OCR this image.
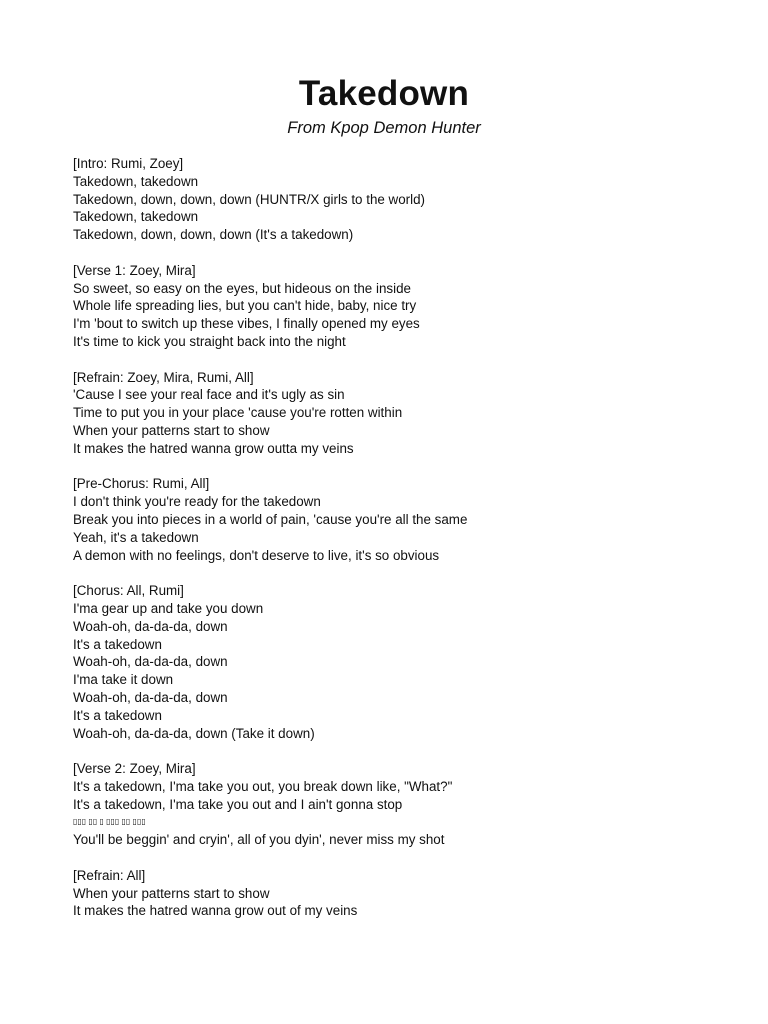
Takedown
From Kpop Demon Hunter
[Intro: Rumi, Zoey]
Takedown, takedown
Takedown, down, down, down (HUNTR/X girls to the world)
Takedown, takedown
Takedown, down, down, down (It's a takedown)
[Verse 1: Zoey, Mira]
So sweet, so easy on the eyes, but hideous on the inside
Whole life spreading lies, but you can't hide, baby, nice try
I'm 'bout to switch up these vibes, I finally opened my eyes
It's time to kick you straight back into the night
[Refrain: Zoey, Mira, Rumi, All]
'Cause I see your real face and it's ugly as sin
Time to put you in your place 'cause you're rotten within
When your patterns start to show
It makes the hatred wanna grow outta my veins
[Pre-Chorus: Rumi, All]
I don't think you're ready for the takedown
Break you into pieces in a world of pain, 'cause you're all the same
Yeah, it's a takedown
A demon with no feelings, don't deserve to live, it's so obvious
[Chorus: All, Rumi]
I'ma gear up and take you down
Woah-oh, da-da-da, down
It's a takedown
Woah-oh, da-da-da, down
I'ma take it down
Woah-oh, da-da-da, down
It's a takedown
Woah-oh, da-da-da, down (Take it down)
[Verse 2: Zoey, Mira]
It's a takedown, I'ma take you out, you break down like, "What?"
It's a takedown, I'ma take you out and I ain't gonna stop
▯▯▯ ▯▯ ▯ ▯▯▯ ▯▯ ▯▯▯
You'll be beggin' and cryin', all of you dyin', never miss my shot
[Refrain: All]
When your patterns start to show
It makes the hatred wanna grow out of my veins
